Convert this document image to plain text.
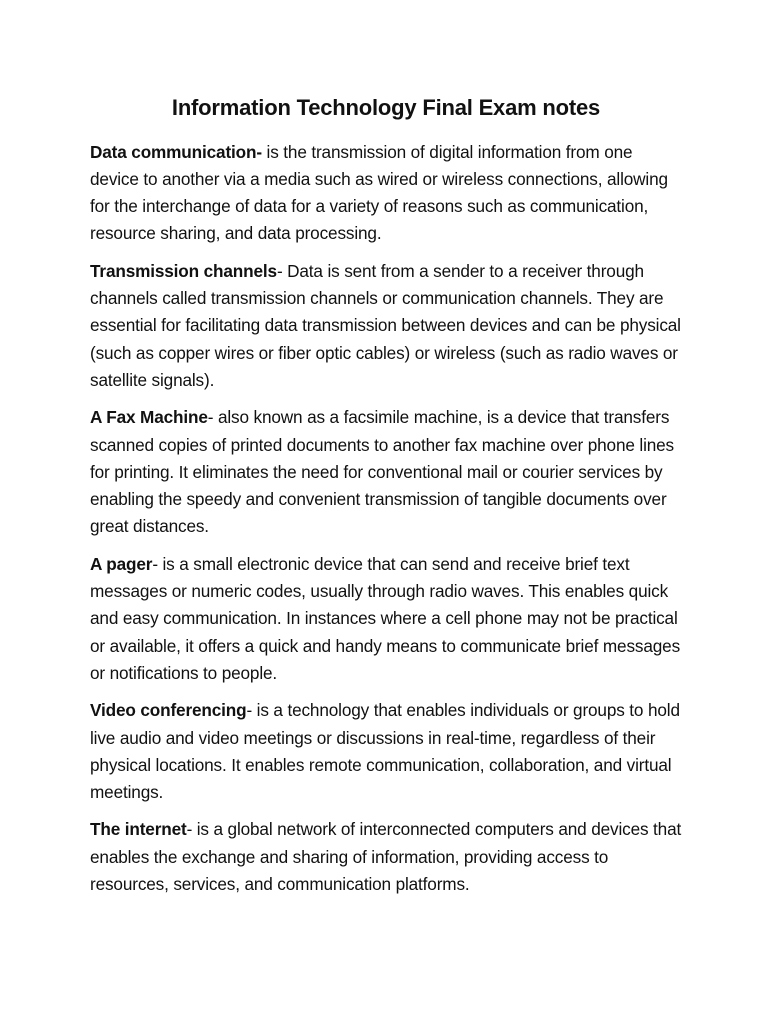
Information Technology Final Exam notes

Data communication- is the transmission of digital information from one device to another via a media such as wired or wireless connections, allowing for the interchange of data for a variety of reasons such as communication, resource sharing, and data processing.

Transmission channels- Data is sent from a sender to a receiver through channels called transmission channels or communication channels. They are essential for facilitating data transmission between devices and can be physical (such as copper wires or fiber optic cables) or wireless (such as radio waves or satellite signals).

A Fax Machine- also known as a facsimile machine, is a device that transfers scanned copies of printed documents to another fax machine over phone lines for printing. It eliminates the need for conventional mail or courier services by enabling the speedy and convenient transmission of tangible documents over great distances.

A pager- is a small electronic device that can send and receive brief text messages or numeric codes, usually through radio waves. This enables quick and easy communication. In instances where a cell phone may not be practical or available, it offers a quick and handy means to communicate brief messages or notifications to people.

Video conferencing- is a technology that enables individuals or groups to hold live audio and video meetings or discussions in real-time, regardless of their physical locations. It enables remote communication, collaboration, and virtual meetings.

The internet- is a global network of interconnected computers and devices that enables the exchange and sharing of information, providing access to resources, services, and communication platforms.
